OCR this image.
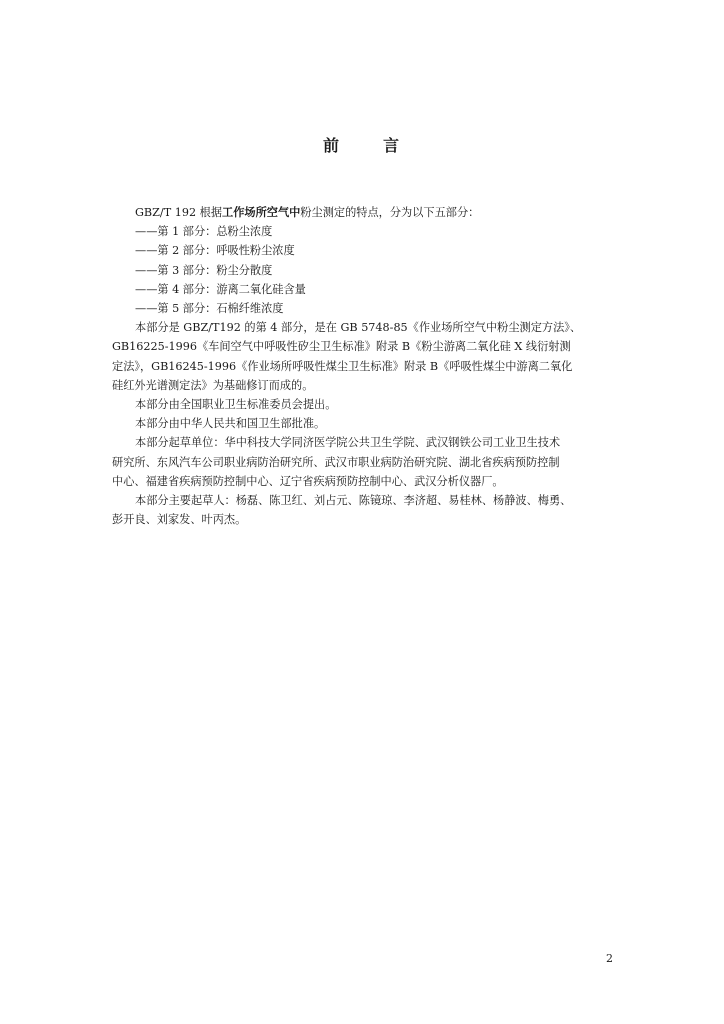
前	言

GBZ/T 192 根据工作场所空气中粉尘测定的特点，分为以下五部分：

——第 1 部分：总粉尘浓度

——第 2 部分：呼吸性粉尘浓度

——第 3 部分：粉尘分散度

——第 4 部分：游离二氧化硅含量

——第 5 部分：石棉纤维浓度

本部分是 GBZ/T192 的第 4 部分，是在 GB 5748-85《作业场所空气中粉尘测定方法》、

GB16225-1996《车间空气中呼吸性矽尘卫生标准》附录 B《粉尘游离二氧化硅 X 线衍射测

定法》，GB16245-1996《作业场所呼吸性煤尘卫生标准》附录 B《呼吸性煤尘中游离二氧化

硅红外光谱测定法》为基础修订而成的。

本部分由全国职业卫生标准委员会提出。

本部分由中华人民共和国卫生部批准。

本部分起草单位：华中科技大学同济医学院公共卫生学院、武汉钢铁公司工业卫生技术

研究所、东风汽车公司职业病防治研究所、武汉市职业病防治研究院、湖北省疾病预防控制

中心、福建省疾病预防控制中心、辽宁省疾病预防控制中心、武汉分析仪器厂。

本部分主要起草人：杨磊、陈卫红、刘占元、陈镜琼、李济超、易桂林、杨静波、梅勇、

彭开良、刘家发、叶丙杰。

2
